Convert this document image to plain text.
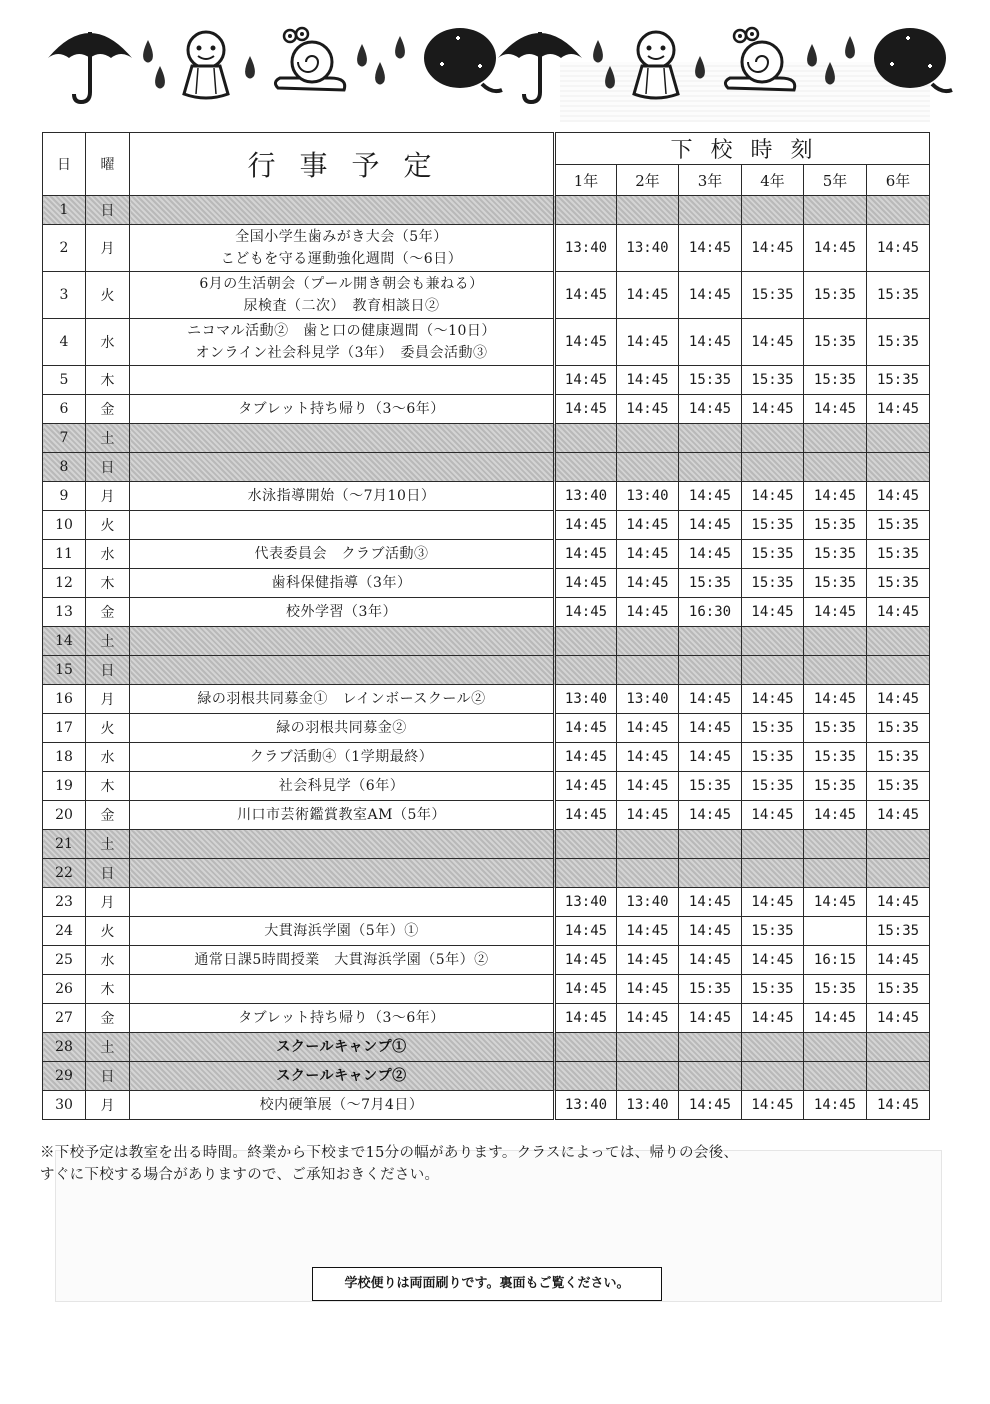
日	曜	行事予定	下校時刻					
			1年	2年	3年	4年	5年	6年
1	日	

2	月	全国小学生歯みがき大会（5年）
こどもを守る運動強化週間（～6日）	13:40	13:40	14:45	14:45	14:45	14:45
3	火	6月の生活朝会（プール開き朝会も兼ねる）
尿検査（二次）　教育相談日②	14:45	14:45	14:45	15:35	15:35	15:35
4	水	ニコマル活動②　歯と口の健康週間（～10日）
オンライン社会科見学（3年）　委員会活動③	14:45	14:45	14:45	14:45	15:35	15:35
5	木		14:45	14:45	15:35	15:35	15:35	15:35
6	金	タブレット持ち帰り（3～6年）	14:45	14:45	14:45	14:45	14:45	14:45
7	土	

8	日	

9	月	水泳指導開始（～7月10日）	13:40	13:40	14:45	14:45	14:45	14:45
10	火		14:45	14:45	14:45	15:35	15:35	15:35
11	水	代表委員会　クラブ活動③	14:45	14:45	14:45	15:35	15:35	15:35
12	木	歯科保健指導（3年）	14:45	14:45	15:35	15:35	15:35	15:35
13	金	校外学習（3年）	14:45	14:45	16:30	14:45	14:45	14:45
14	土	

15	日	

16	月	緑の羽根共同募金①　レインボースクール②	13:40	13:40	14:45	14:45	14:45	14:45
17	火	緑の羽根共同募金②	14:45	14:45	14:45	15:35	15:35	15:35
18	水	クラブ活動④（1学期最終）	14:45	14:45	14:45	15:35	15:35	15:35
19	木	社会科見学（6年）	14:45	14:45	15:35	15:35	15:35	15:35
20	金	川口市芸術鑑賞教室AM（5年）	14:45	14:45	14:45	14:45	14:45	14:45
21	土	

22	日	

23	月		13:40	13:40	14:45	14:45	14:45	14:45
24	火	大貫海浜学園（5年）①	14:45	14:45	14:45	15:35		15:35
25	水	通常日課5時間授業　大貫海浜学園（5年）②	14:45	14:45	14:45	14:45	16:15	14:45
26	木		14:45	14:45	15:35	15:35	15:35	15:35
27	金	タブレット持ち帰り（3～6年）	14:45	14:45	14:45	14:45	14:45	14:45
28	土	スクールキャンプ①						

29	日	スクールキャンプ②						

30	月	校内硬筆展（～7月4日）	13:40	13:40	14:45	14:45	14:45	14:45
※下校予定は教室を出る時間。終業から下校まで15分の幅があります。クラスによっては、帰りの会後、
すぐに下校する場合がありますので、ご承知おきください。
学校便りは両面刷りです。裏面もご覧ください。
